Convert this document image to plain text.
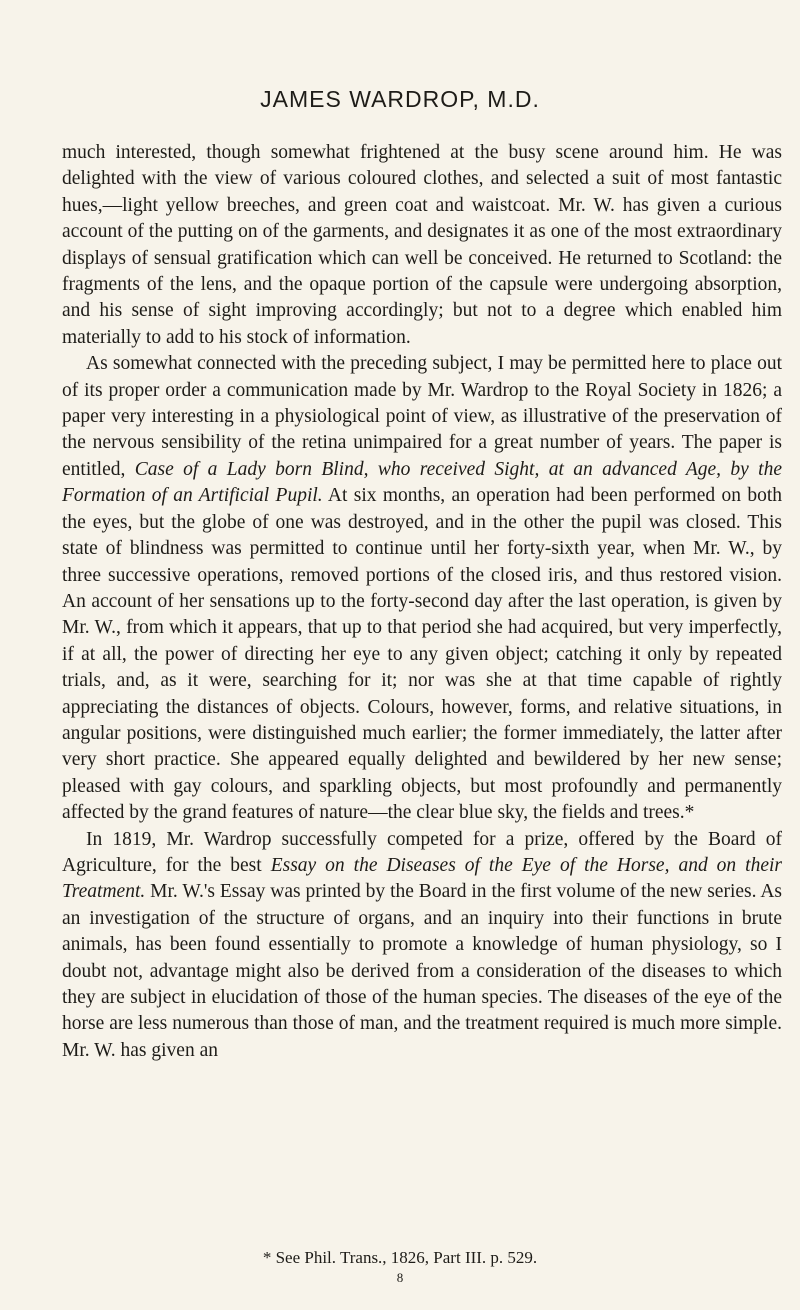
JAMES WARDROP, M.D.

much interested, though somewhat frightened at the busy scene around him. He was delighted with the view of various coloured clothes, and selected a suit of most fantastic hues,—light yellow breeches, and green coat and waistcoat. Mr. W. has given a curious account of the putting on of the garments, and designates it as one of the most extraordinary displays of sensual gratification which can well be conceived. He returned to Scotland: the fragments of the lens, and the opaque portion of the capsule were undergoing absorption, and his sense of sight improving accordingly; but not to a degree which enabled him materially to add to his stock of information.

As somewhat connected with the preceding subject, I may be permitted here to place out of its proper order a communication made by Mr. Wardrop to the Royal Society in 1826; a paper very interesting in a physiological point of view, as illustrative of the preservation of the nervous sensibility of the retina unimpaired for a great number of years. The paper is entitled, Case of a Lady born Blind, who received Sight, at an advanced Age, by the Formation of an Artificial Pupil. At six months, an operation had been performed on both the eyes, but the globe of one was destroyed, and in the other the pupil was closed. This state of blindness was permitted to continue until her forty-sixth year, when Mr. W., by three successive operations, removed portions of the closed iris, and thus restored vision. An account of her sensations up to the forty-second day after the last operation, is given by Mr. W., from which it appears, that up to that period she had acquired, but very imperfectly, if at all, the power of directing her eye to any given object; catching it only by repeated trials, and, as it were, searching for it; nor was she at that time capable of rightly appreciating the distances of objects. Colours, however, forms, and relative situations, in angular positions, were distinguished much earlier; the former immediately, the latter after very short practice. She appeared equally delighted and bewildered by her new sense; pleased with gay colours, and sparkling objects, but most profoundly and permanently affected by the grand features of nature—the clear blue sky, the fields and trees.*

In 1819, Mr. Wardrop successfully competed for a prize, offered by the Board of Agriculture, for the best Essay on the Diseases of the Eye of the Horse, and on their Treatment. Mr. W.'s Essay was printed by the Board in the first volume of the new series. As an investigation of the structure of organs, and an inquiry into their functions in brute animals, has been found essentially to promote a knowledge of human physiology, so I doubt not, advantage might also be derived from a consideration of the diseases to which they are subject in elucidation of those of the human species. The diseases of the eye of the horse are less numerous than those of man, and the treatment required is much more simple. Mr. W. has given an

* See Phil. Trans., 1826, Part III. p. 529.
8
